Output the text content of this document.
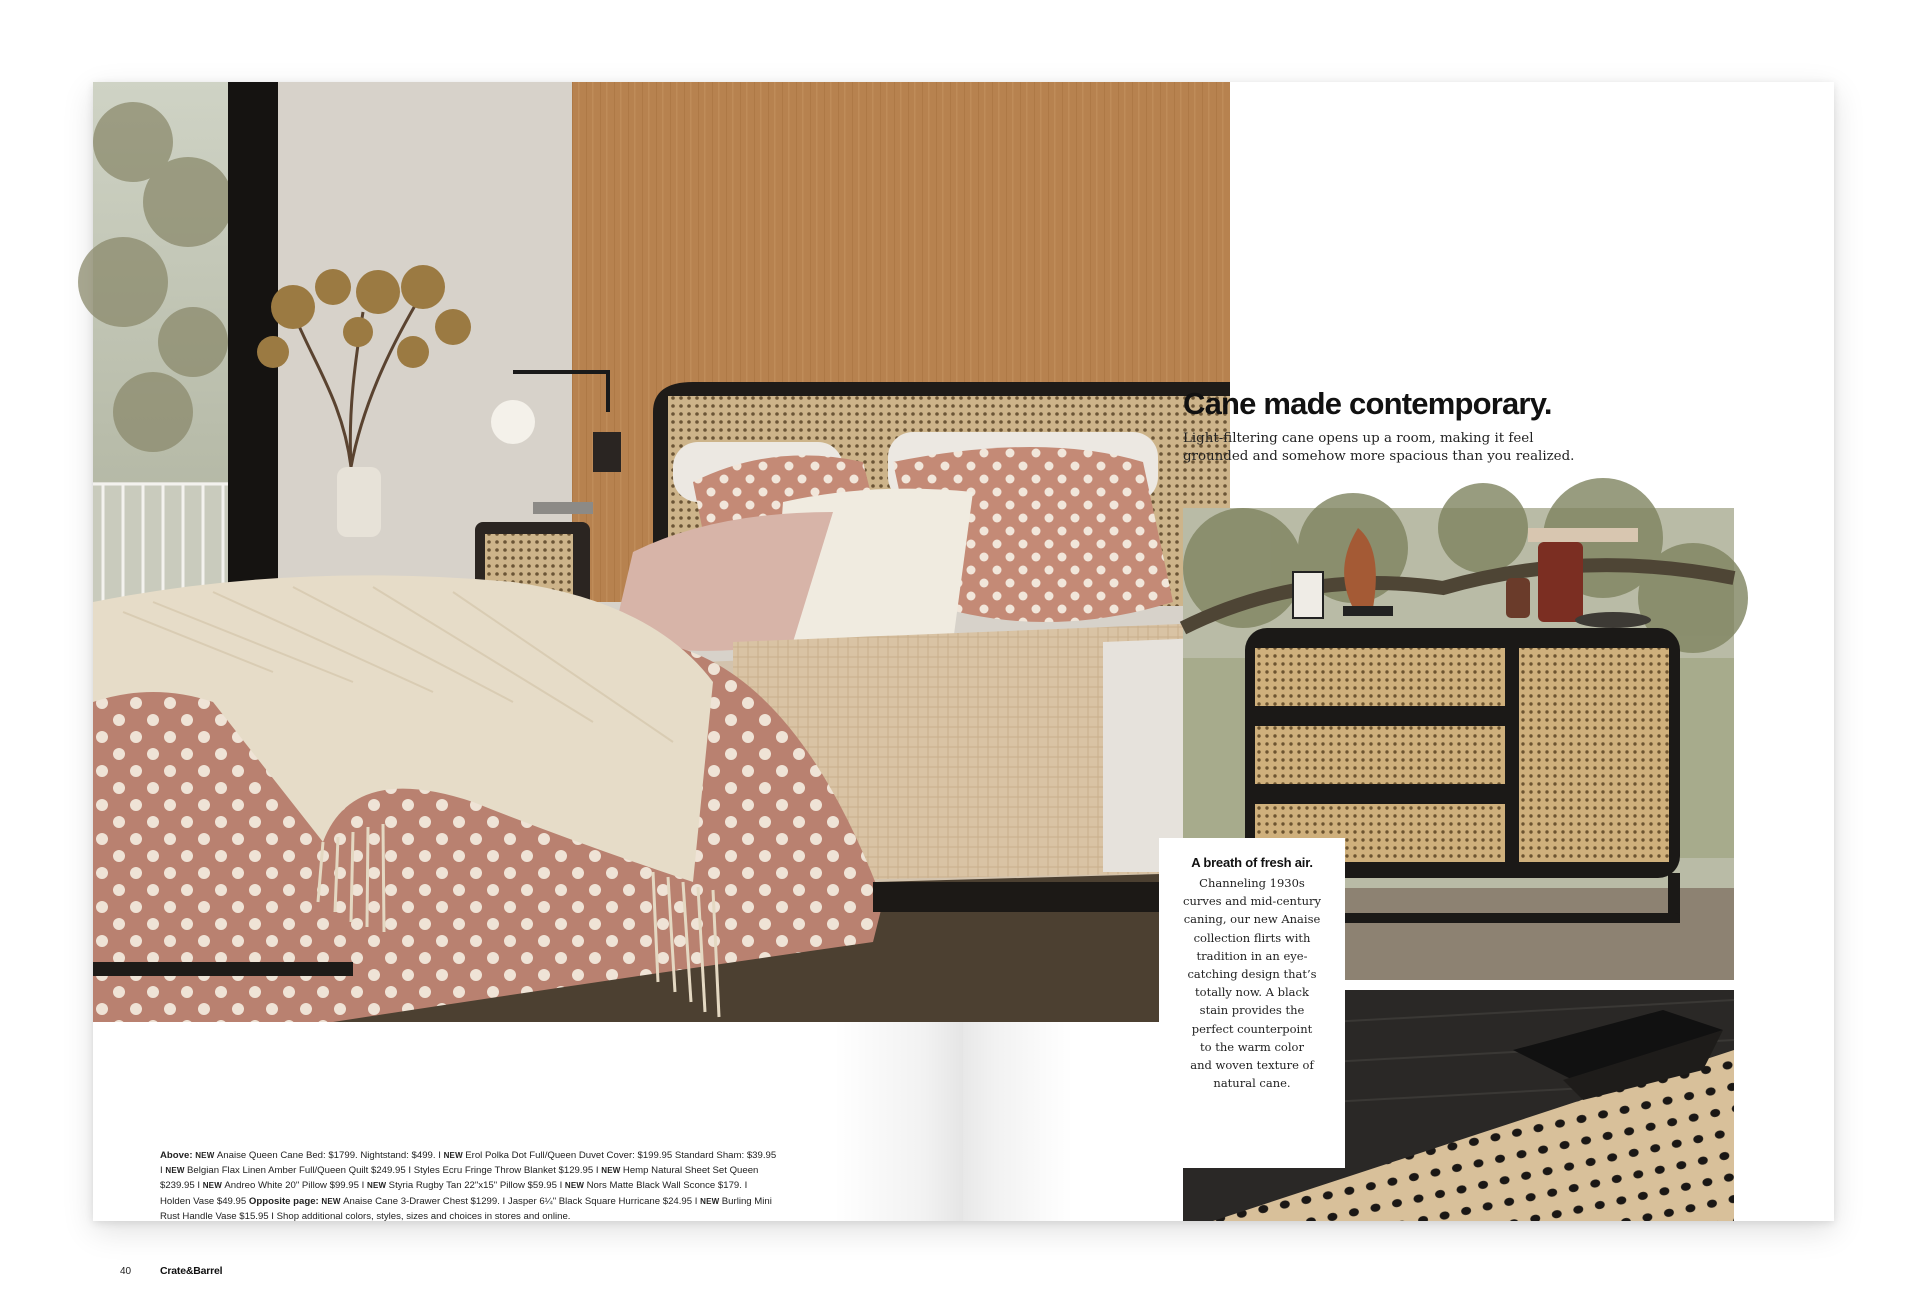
Above: NEW Anaise Queen Cane Bed: $1799. Nightstand: $499. I NEW Erol Polka Dot Full/Queen Duvet Cover: $199.95 Standard Sham: $39.95 I NEW Belgian Flax Linen Amber Full/Queen Quilt $249.95 I Styles Ecru Fringe Throw Blanket $129.95 I NEW Hemp Natural Sheet Set Queen $239.95 I NEW Andreo White 20" Pillow $99.95 I NEW Styria Rugby Tan 22"x15" Pillow $59.95 I NEW Nors Matte Black Wall Sconce $179. I Holden Vase $49.95 Opposite page: NEW Anaise Cane 3-Drawer Chest $1299. I Jasper 6¼" Black Square Hurricane $24.95 I NEW Burling Mini Rust Handle Vase $15.95 I Shop additional colors, styles, sizes and choices in stores and online.
40	Crate&Barrel
Cane made contemporary.

Light-filtering cane opens up a room, making it feel grounded and somehow more spacious than you realized.

A breath of fresh air.

Channeling 1930s
curves and mid-century
caning, our new Anaise
collection flirts with
tradition in an eye-
catching design that’s
totally now. A black
stain provides the
perfect counterpoint
to the warm color
and woven texture of
natural cane.
